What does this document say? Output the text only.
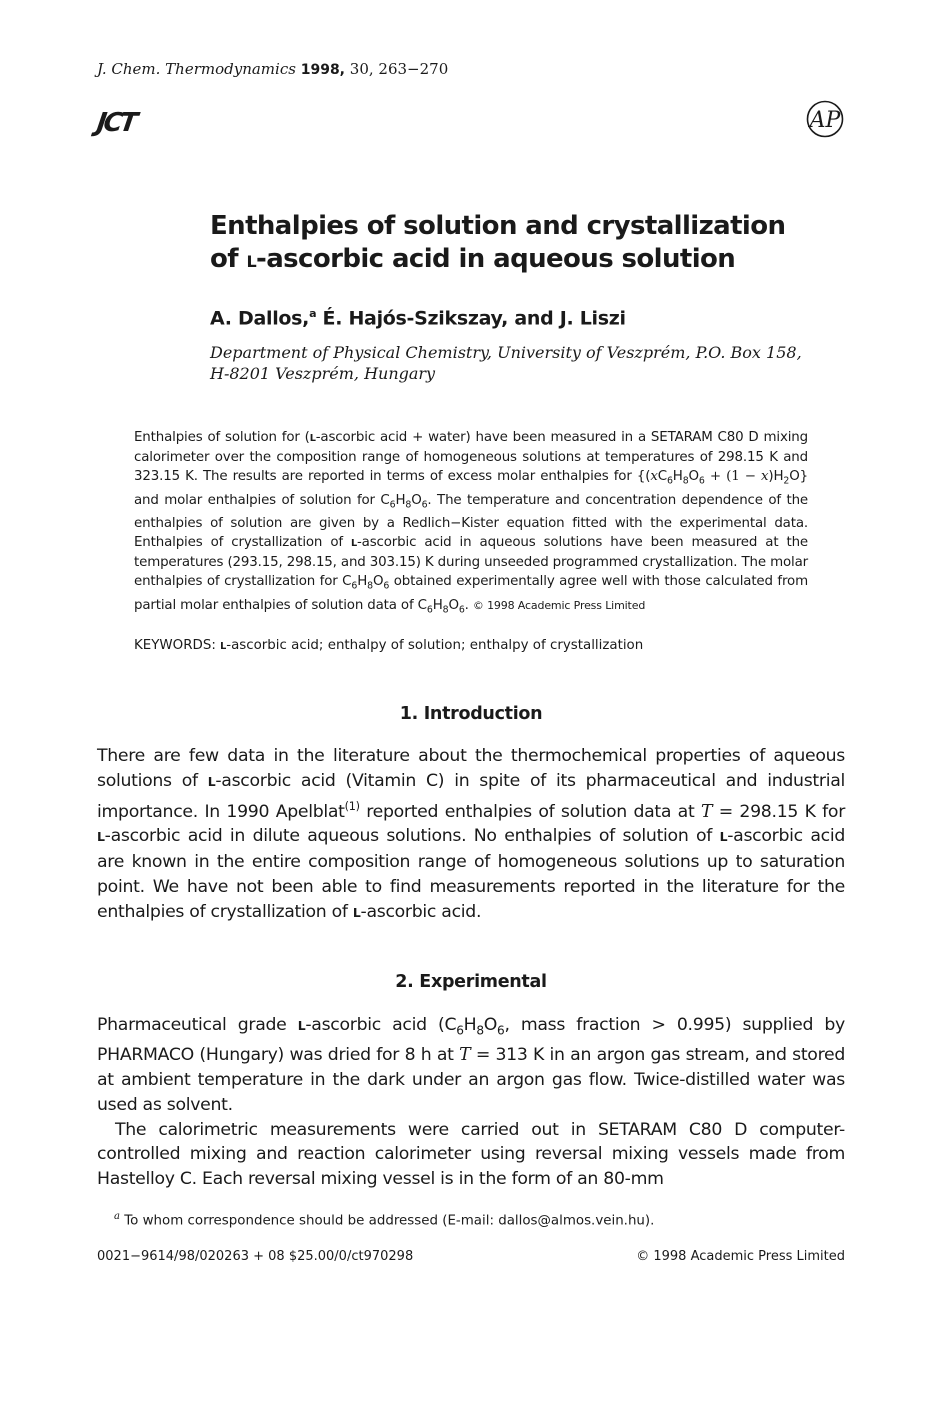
J. Chem. Thermodynamics 1998, 30, 263−270
JCT	AP
Enthalpies of solution and crystallization
of L-ascorbic acid in aqueous solution
A. Dallos,$^a$ É. Hajós-Szikszay, and J. Liszi
Department of Physical Chemistry, University of Veszprém, P.O. Box 158,
H-8201 Veszprém, Hungary
Enthalpies of solution for (L-ascorbic acid + water) have been measured in a SETARAM C80 D mixing calorimeter over the composition range of homogeneous solutions at temperatures of 298.15 K and 323.15 K. The results are reported in terms of excess molar enthalpies for {$(xC_6H_8O_6 + (1 - x)H_2O\}$ and molar enthalpies of solution for $C_6H_8O_6$. The temperature and concentration dependence of the enthalpies of solution are given by a Redlich−Kister equation fitted with the experimental data. Enthalpies of crystallization of L-ascorbic acid in aqueous solutions have been measured at the temperatures (293.15, 298.15, and 303.15) K during unseeded programmed crystallization. The molar enthalpies of crystallization for $C_6H_8O_6$ obtained experimentally agree well with those calculated from partial molar enthalpies of solution data of $C_6H_8O_6$. © 1998 Academic Press Limited
KEYWORDS: L-ascorbic acid; enthalpy of solution; enthalpy of crystallization
1. Introduction

There are few data in the literature about the thermochemical properties of aqueous solutions of L-ascorbic acid (Vitamin C) in spite of its pharmaceutical and industrial importance. In 1990 Apelblat$^{(1)}$ reported enthalpies of solution data at T = 298.15 K for L-ascorbic acid in dilute aqueous solutions. No enthalpies of solution of L-ascorbic acid are known in the entire composition range of homogeneous solutions up to saturation point. We have not been able to find measurements reported in the literature for the enthalpies of crystallization of L-ascorbic acid.

2. Experimental

Pharmaceutical grade L-ascorbic acid ($C_6H_8O_6$, mass fraction > 0.995) supplied by PHARMACO (Hungary) was dried for 8 h at T = 313 K in an argon gas stream, and stored at ambient temperature in the dark under an argon gas flow. Twice-distilled water was used as solvent.

The calorimetric measurements were carried out in SETARAM C80 D computer-controlled mixing and reaction calorimeter using reversal mixing vessels made from Hastelloy C. Each reversal mixing vessel is in the form of an 80-mm

$^a$ To whom correspondence should be addressed (E-mail: dallos@almos.vein.hu).
0021−9614/98/020263 + 08 $25.00/0/ct970298	© 1998 Academic Press Limited
